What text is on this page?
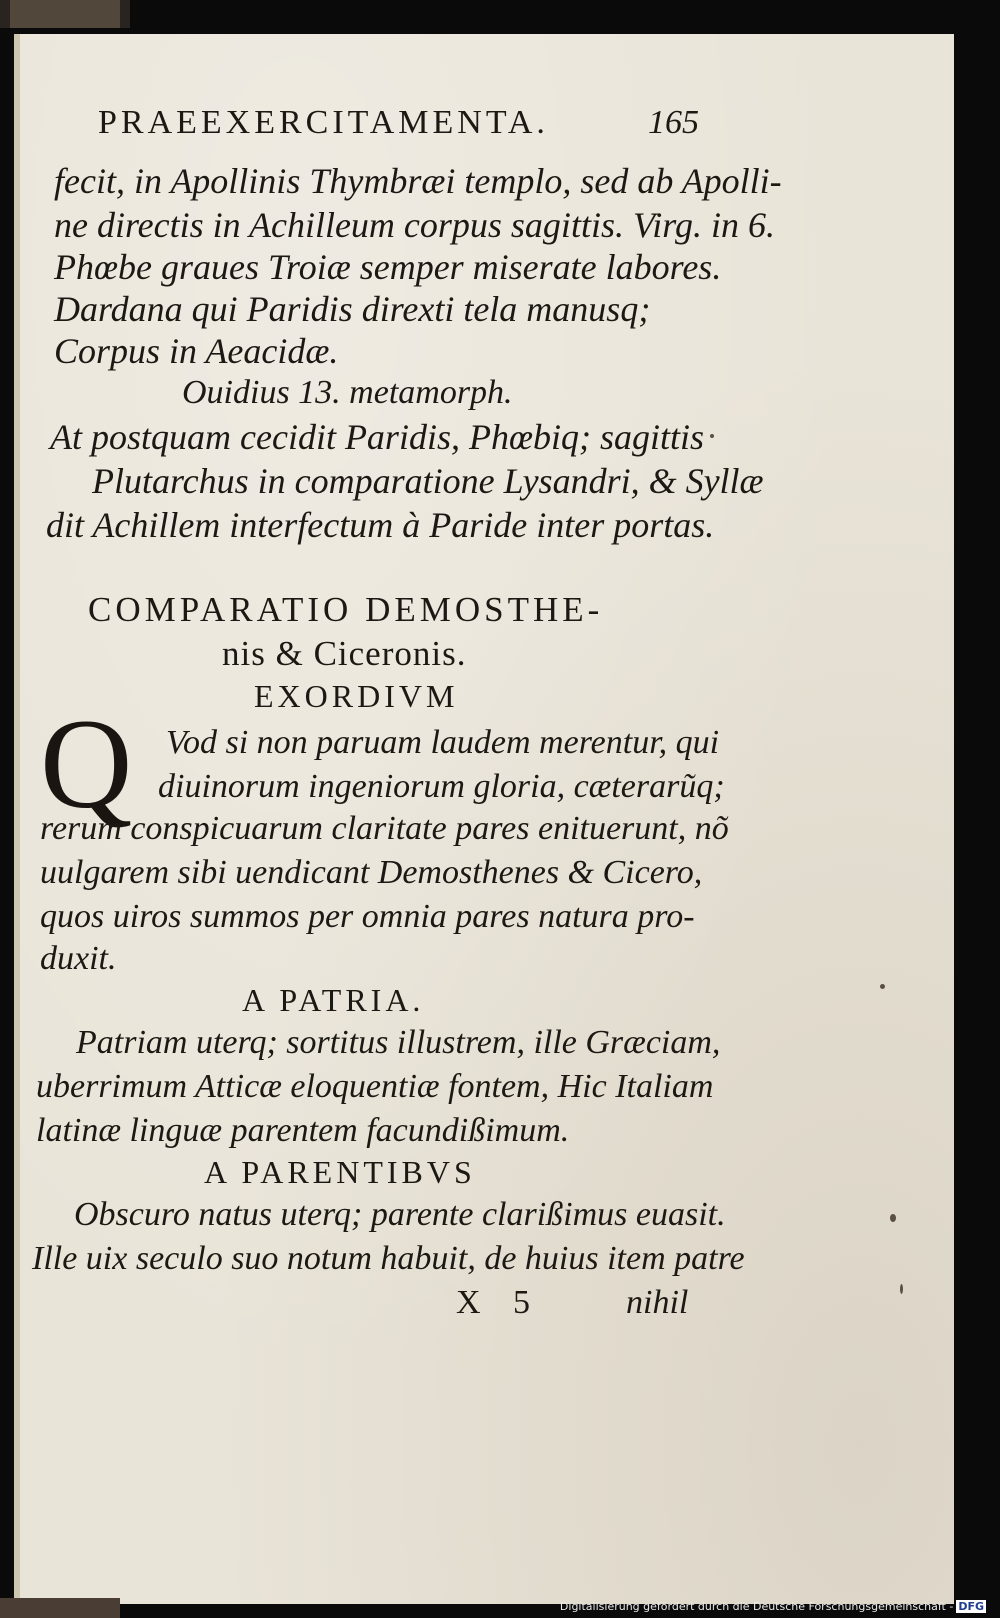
PRAEEXERCITAMENTA.	165
fecit, in Apollinis Thymbræi templo, sed ab Apolli-
ne directis in Achilleum corpus sagittis. Virg. in 6.
Phœbe graues Troiæ semper miserate labores.
Dardana qui Paridis direxti tela manusq;
Corpus in Aeacidæ.
Ouidius 13. metamorph.
At postquam cecidit Paridis, Phœbiq; sagittis
Plutarchus in comparatione Lysandri, & Syllæ
dit Achillem interfectum à Paride inter portas.
COMPARATIO DEMOSTHE-
nis & Ciceronis.
EXORDIVM
Q Vod si non paruam laudem merentur, qui
diuinorum ingeniorum gloria, cæterarũq;
rerum conspicuarum claritate pares enituerunt, nõ
uulgarem sibi uendicant Demosthenes & Cicero,
quos uiros summos per omnia pares natura pro-
duxit.
A PATRIA.
Patriam uterq; sortitus illustrem, ille Græciam,
uberrimum Atticæ eloquentiæ fontem, Hic Italiam
latinæ linguæ parentem facundißimum.
A PARENTIBVS
Obscuro natus uterq; parente clarißimus euasit.
Ille uix seculo suo notum habuit, de huius item patre
X 5 nihil
Digitalisierung gefördert durch die Deutsche Forschungsgemeinschaft - DFG
